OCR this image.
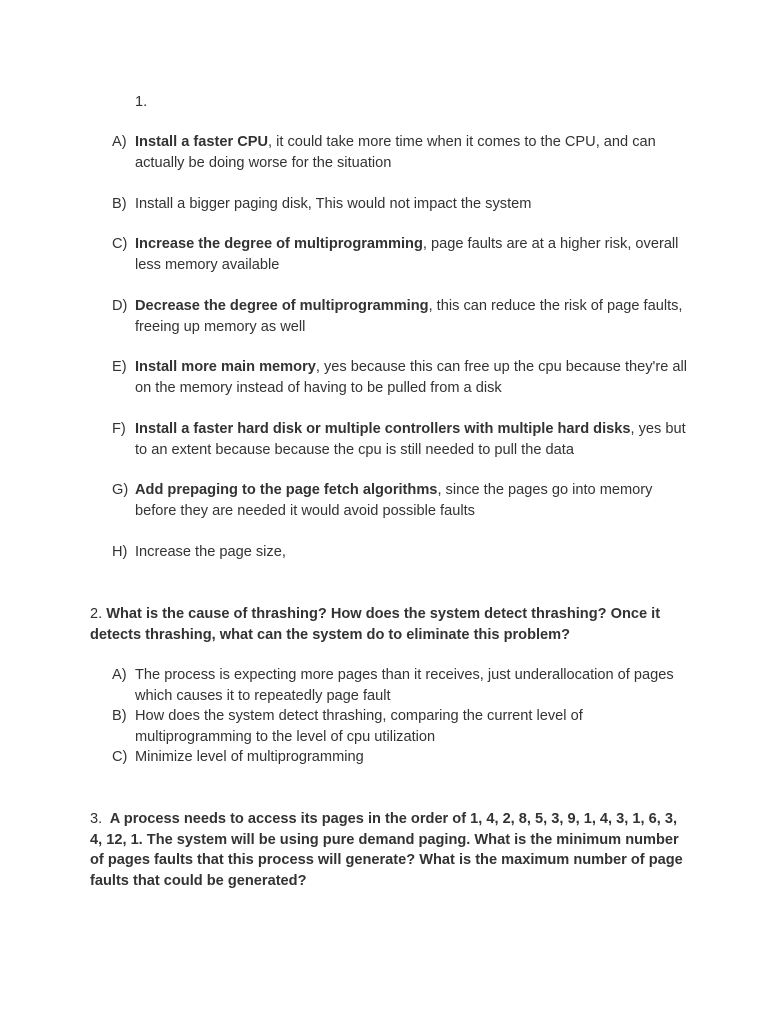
1.
A) Install a faster CPU, it could take more time when it comes to the CPU, and can actually be doing worse for the situation
B) Install a bigger paging disk, This would not impact the system
C) Increase the degree of multiprogramming, page faults are at a higher risk, overall less memory available
D) Decrease the degree of multiprogramming, this can reduce the risk of page faults, freeing up memory as well
E) Install more main memory, yes because this can free up the cpu because they're all on the memory instead of having to be pulled from a disk
F) Install a faster hard disk or multiple controllers with multiple hard disks, yes but to an extent because because the cpu is still needed to pull the data
G) Add prepaging to the page fetch algorithms, since the pages go into memory before they are needed it would avoid possible faults
H) Increase the page size,
A) The process is expecting more pages than it receives, just underallocation of pages which causes it to repeatedly page fault
B) How does the system detect thrashing, comparing the current level of multiprogramming to the level of cpu utilization
C) Minimize level of multiprogramming
2. What is the cause of thrashing? How does the system detect thrashing? Once it detects thrashing, what can the system do to eliminate this problem?
3. A process needs to access its pages in the order of 1, 4, 2, 8, 5, 3, 9, 1, 4, 3, 1, 6, 3, 4, 12, 1. The system will be using pure demand paging. What is the minimum number of pages faults that this process will generate? What is the maximum number of page faults that could be generated?
